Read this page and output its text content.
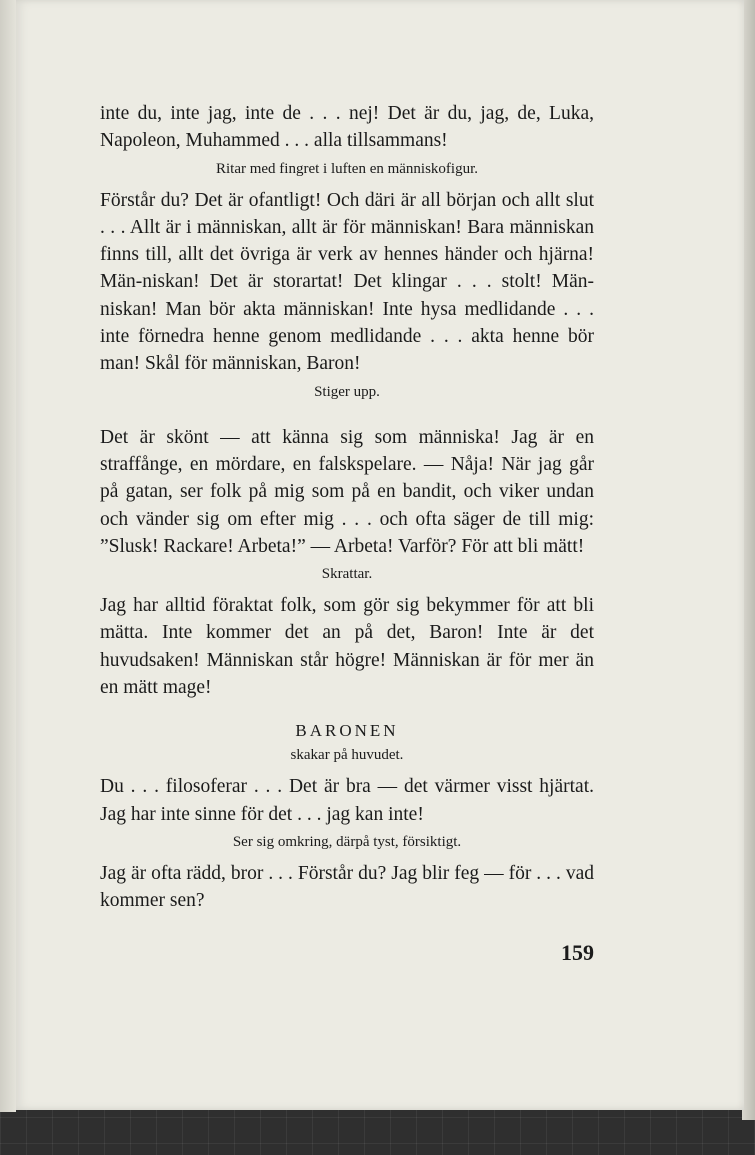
inte du, inte jag, inte de . . . nej! Det är du, jag, de, Luka, Napoleon, Muhammed . . . alla tillsammans!

Ritar med fingret i luften en människofigur.

Förstår du? Det är ofantligt! Och däri är all början och allt slut . . . Allt är i människan, allt är för människan! Bara människan finns till, allt det övriga är verk av hennes händer och hjärna! Män-niskan! Det är storartat! Det klingar . . . stolt! Män-niskan! Man bör akta människan! Inte hysa medlidande . . . inte förnedra henne genom medlidande . . . akta henne bör man! Skål för människan, Baron!

Stiger upp.

Det är skönt — att känna sig som människa! Jag är en straffånge, en mördare, en falskspelare. — Nåja! När jag går på gatan, ser folk på mig som på en bandit, och viker undan och vänder sig om efter mig . . . och ofta säger de till mig: ”Slusk! Rackare! Arbeta!” — Arbeta! Varför? För att bli mätt!

Skrattar.

Jag har alltid föraktat folk, som gör sig bekymmer för att bli mätta. Inte kommer det an på det, Baron! Inte är det huvudsaken! Människan står högre! Människan är för mer än en mätt mage!

BARONEN

skakar på huvudet.

Du . . . filosoferar . . . Det är bra — det värmer visst hjärtat. Jag har inte sinne för det . . . jag kan inte!

Ser sig omkring, därpå tyst, försiktigt.

Jag är ofta rädd, bror . . . Förstår du? Jag blir feg — för . . . vad kommer sen?

159
